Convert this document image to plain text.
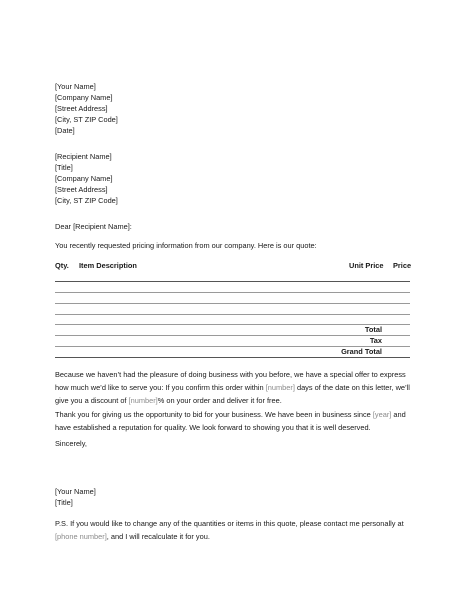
[Your Name]
[Company Name]
[Street Address]
[City, ST ZIP Code]
[Date]
[Recipient Name]
[Title]
[Company Name]
[Street Address]
[City, ST ZIP Code]
Dear [Recipient Name]:
You recently requested pricing information from our company. Here is our quote:
Qty. Item Description	Unit Price Price
Total
Tax
Grand Total
Because we haven’t had the pleasure of doing business with you before, we have a special offer to express how much we’d like to serve you: If you confirm this order within [number] days of the date on this letter, we’ll give you a discount of [number]% on your order and deliver it for free.
Thank you for giving us the opportunity to bid for your business. We have been in business since [year] and have established a reputation for quality. We look forward to showing you that it is well deserved.
Sincerely,
[Your Name]
[Title]
P.S. If you would like to change any of the quantities or items in this quote, please contact me personally at [phone number], and I will recalculate it for you.
